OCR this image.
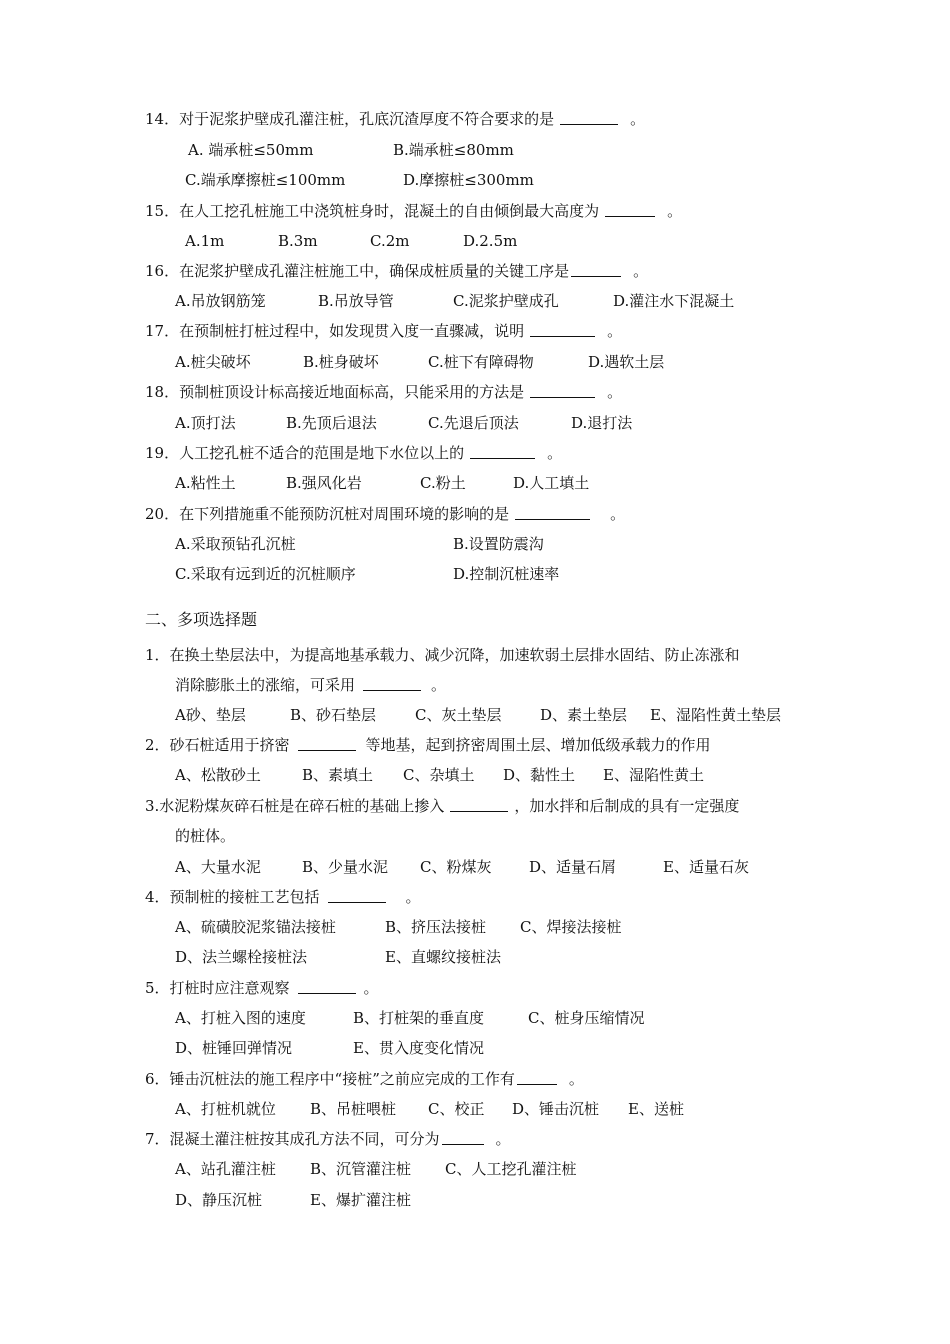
14．对于泥浆护壁成孔灌注桩，孔底沉渣厚度不符合要求的是	。
A. 端承桩≤50mm	B.端承桩≤80mm
C.端承摩擦桩≤100mm	D.摩擦桩≤300mm
15．在人工挖孔桩施工中浇筑桩身时，混凝土的自由倾倒最大高度为	。
A.1m	B.3m	C.2m	D.2.5m
16．在泥浆护壁成孔灌注桩施工中，确保成桩质量的关键工序是	。
A.吊放钢筋笼	B.吊放导管	C.泥浆护壁成孔	D.灌注水下混凝土
17．在预制桩打桩过程中，如发现贯入度一直骤减，说明	。
A.桩尖破坏	B.桩身破坏	C.桩下有障碍物	D.遇软土层
18．预制桩顶设计标高接近地面标高，只能采用的方法是	。
A.顶打法	B.先顶后退法	C.先退后顶法	D.退打法
19．人工挖孔桩不适合的范围是地下水位以上的	。
A.粘性土	B.强风化岩	C.粉土	D.人工填土
20．在下列措施重不能预防沉桩对周围环境的影响的是	。
A.采取预钻孔沉桩	B.设置防震沟
C.采取有远到近的沉桩顺序	D.控制沉桩速率
二、多项选择题
1．在换土垫层法中，为提高地基承载力、减少沉降，加速软弱土层排水固结、防止冻涨和
消除膨胀土的涨缩，可采用	。
A砂、垫层	B、砂石垫层	C、灰土垫层	D、素土垫层 E、湿陷性黄土垫层
2．砂石桩适用于挤密	等地基，起到挤密周围土层、增加低级承载力的作用
A、松散砂土	B、素填土 C、杂填土 D、黏性土 E、湿陷性黄土
3.水泥粉煤灰碎石桩是在碎石桩的基础上掺入	，加水拌和后制成的具有一定强度
的桩体。
A、大量水泥	B、少量水泥 C、粉煤灰	D、适量石屑	E、适量石灰
4．预制桩的接桩工艺包括	。
A、硫磺胶泥浆锚法接桩	B、挤压法接桩 C、焊接法接桩
D、法兰螺栓接桩法	E、直螺纹接桩法
5．打桩时应注意观察	。
A、打桩入图的速度	B、打桩架的垂直度	C、桩身压缩情况
D、桩锤回弹情况	E、贯入度变化情况
6．锤击沉桩法的施工程序中“接桩”之前应完成的工作有	。
A、打桩机就位 B、吊桩喂桩 C、校正 D、锤击沉桩 E、送桩
7．混凝土灌注桩按其成孔方法不同，可分为	。
A、站孔灌注桩 B、沉管灌注桩 C、人工挖孔灌注桩
D、静压沉桩	E、爆扩灌注桩
